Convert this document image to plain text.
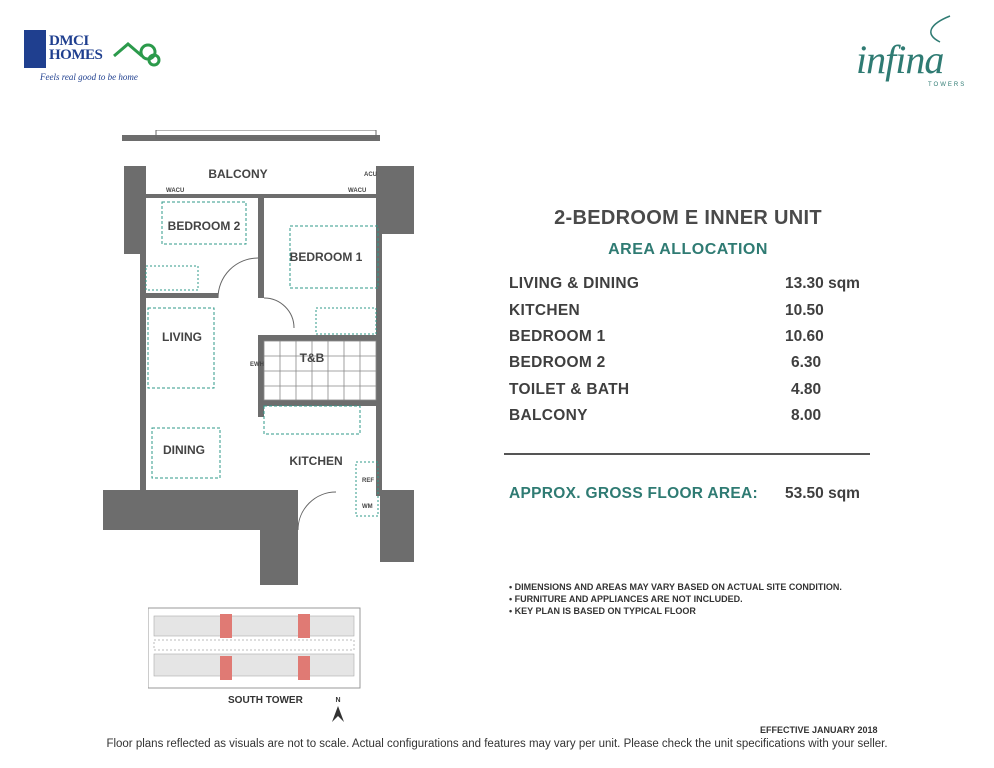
DMCI
HOMES
Feels real good to be home	infina
TOWERS
BALCONY
BEDROOM 2
BEDROOM 1
LIVING
T&B
DINING
KITCHEN
WACU	WACU
ACU
REF
WM
EWH
SOUTH TOWER	N
2-BEDROOM E INNER UNIT
AREA ALLOCATION
LIVING & DINING	13.30 sqm
KITCHEN	10.50
BEDROOM 1	10.60
BEDROOM 2	6.30
TOILET & BATH	4.80
BALCONY	8.00
APPROX. GROSS FLOOR AREA: 53.50 sqm
• DIMENSIONS AND AREAS MAY VARY BASED ON ACTUAL SITE CONDITION.
• FURNITURE AND APPLIANCES ARE NOT INCLUDED.
• KEY PLAN IS BASED ON TYPICAL FLOOR
EFFECTIVE JANUARY 2018
Floor plans reflected as visuals are not to scale. Actual configurations and features may vary per unit. Please check the unit specifications with your seller.
